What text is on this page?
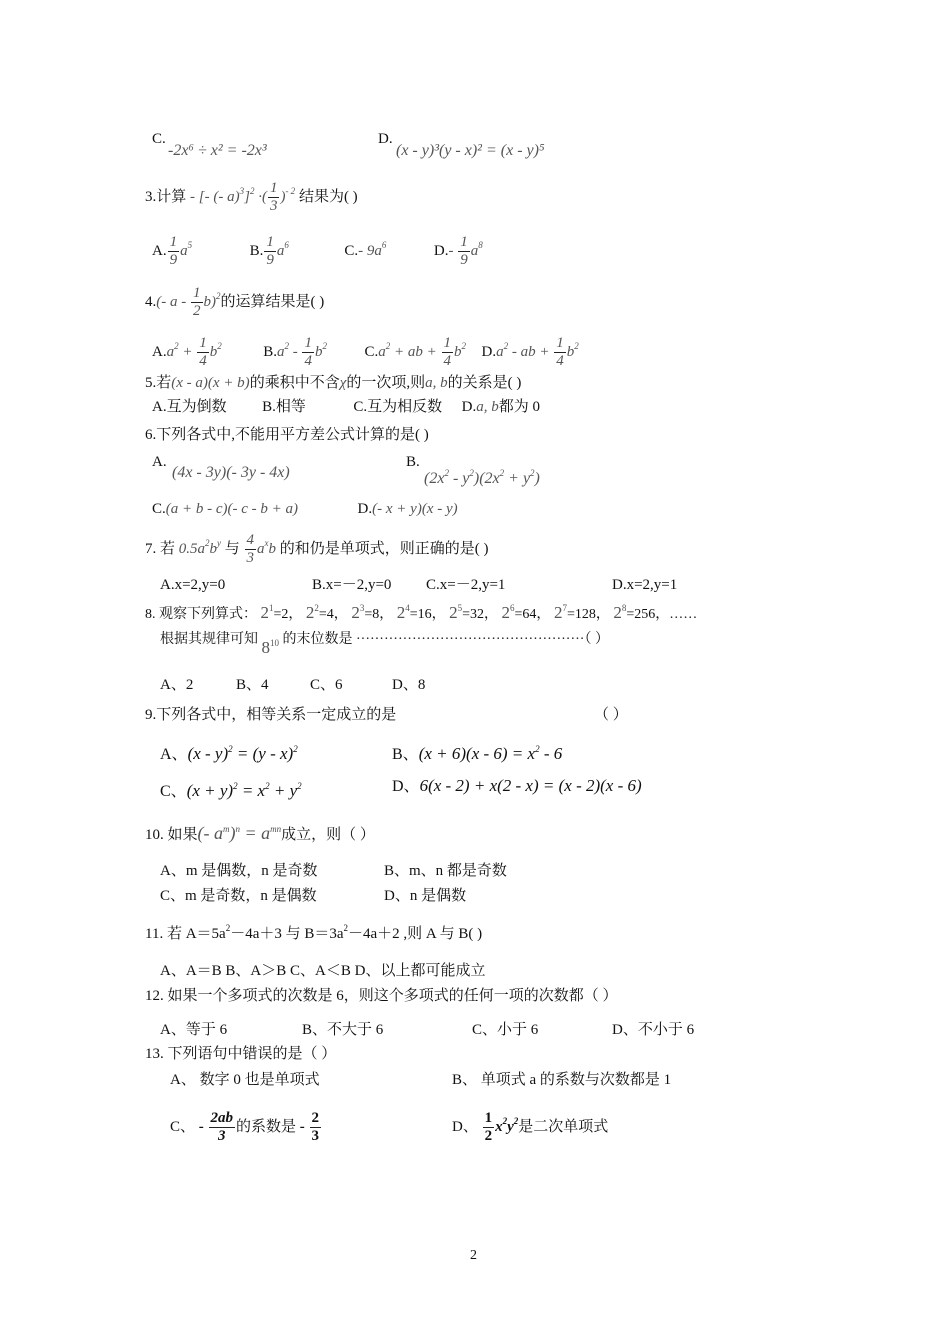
C.
-2x⁶ ÷ x² = -2x³
D.
(x - y)³(y - x)² = (x - y)⁵
3.计算 - [- (- a)$^3$]$^2$ ·( $\frac{1}{3} )^{- 2}$ 结果为( )
A. $\frac{1}{9} a^5$	B. $\frac{1}{9} a^6$	C.- $9a^6$	$D.- \frac{1}{9} a^8$
4.(- a - $\frac{1}{2} b)^2$的运算结果是( )
$A.a^2 + \frac{1}{4} b^2$	$B.a^2 - \frac{1}{4} b^2$	$C.a^2$ + ab + $\frac{1}{4} b^2$ $D.a^2$ - ab + $\frac{1}{4} b^2$
5.若(x - a)(x + b)的乘积中不含χ的一次项,则a, b的关系是( )
A.互为倒数 B.相等	C.互为相反数 D.a, b都为 0
6.下列各式中,不能用平方差公式计算的是( )
A.
(4x - 3y)(- 3y - 4x)
B.
$(2x^2 - y^2)(2x^2 + y^2)$
C.(a + b - c)(- c - b + a)	D.(- x + y)(x - y)
7. 若 $0.5a^2b^y$ 与 $\frac{4}{3} a^xb$ 的和仍是单项式，则正确的是( )
A.x=2,y=0	B.x=－2,y=0 C.x=－2,y=1	D.x=2,y=1
8. 观察下列算式： $2^1=2$， $2^2=4$， $2^3=8$， $2^4=16$， $2^5=32$， $2^6=64$， $2^7=128$， $2^8=256$，……
根据其规律可知 $8^{10}$ 的末位数是 ·················································（ ）
A、2	B、4	C、6	D、8
9.下列各式中，相等关系一定成立的是	（ ）
A、(x - y)$^2$ = (y - x)$^2$	B、$(x + 6)(x - 6) = x^2 - 6$
C、$(x + y)^2 = x^2 + y^2$	D、6(x - 2) + x(2 - x) = (x - 2)(x - 6)
10. 如果(- $a^m)^n = a^{mn}$成立，则（ ）
A、m 是偶数，n 是奇数	B、m、n 都是奇数
C、m 是奇数，n 是偶数	D、n 是偶数
11. 若 $A=5a^2-4a+3$ 与 $B=3a^2-4a+2$ ,则 A 与 B( )
A、A＝B B、A＞B C、A＜B D、以上都可能成立
12. 如果一个多项式的次数是 6，则这个多项式的任何一项的次数都（ ）
A、等于 6	B、不大于 6	C、小于 6	D、不小于 6
13. 下列语句中错误的是（ ）
A、 数字 0 也是单项式	B、 单项式 a 的系数与次数都是 1
C、 - $\frac{2ab}{3}$ 的系数是 - $\frac{2}{3}$	D、 $\frac{1}{2} x^2y^2$是二次单项式
2
